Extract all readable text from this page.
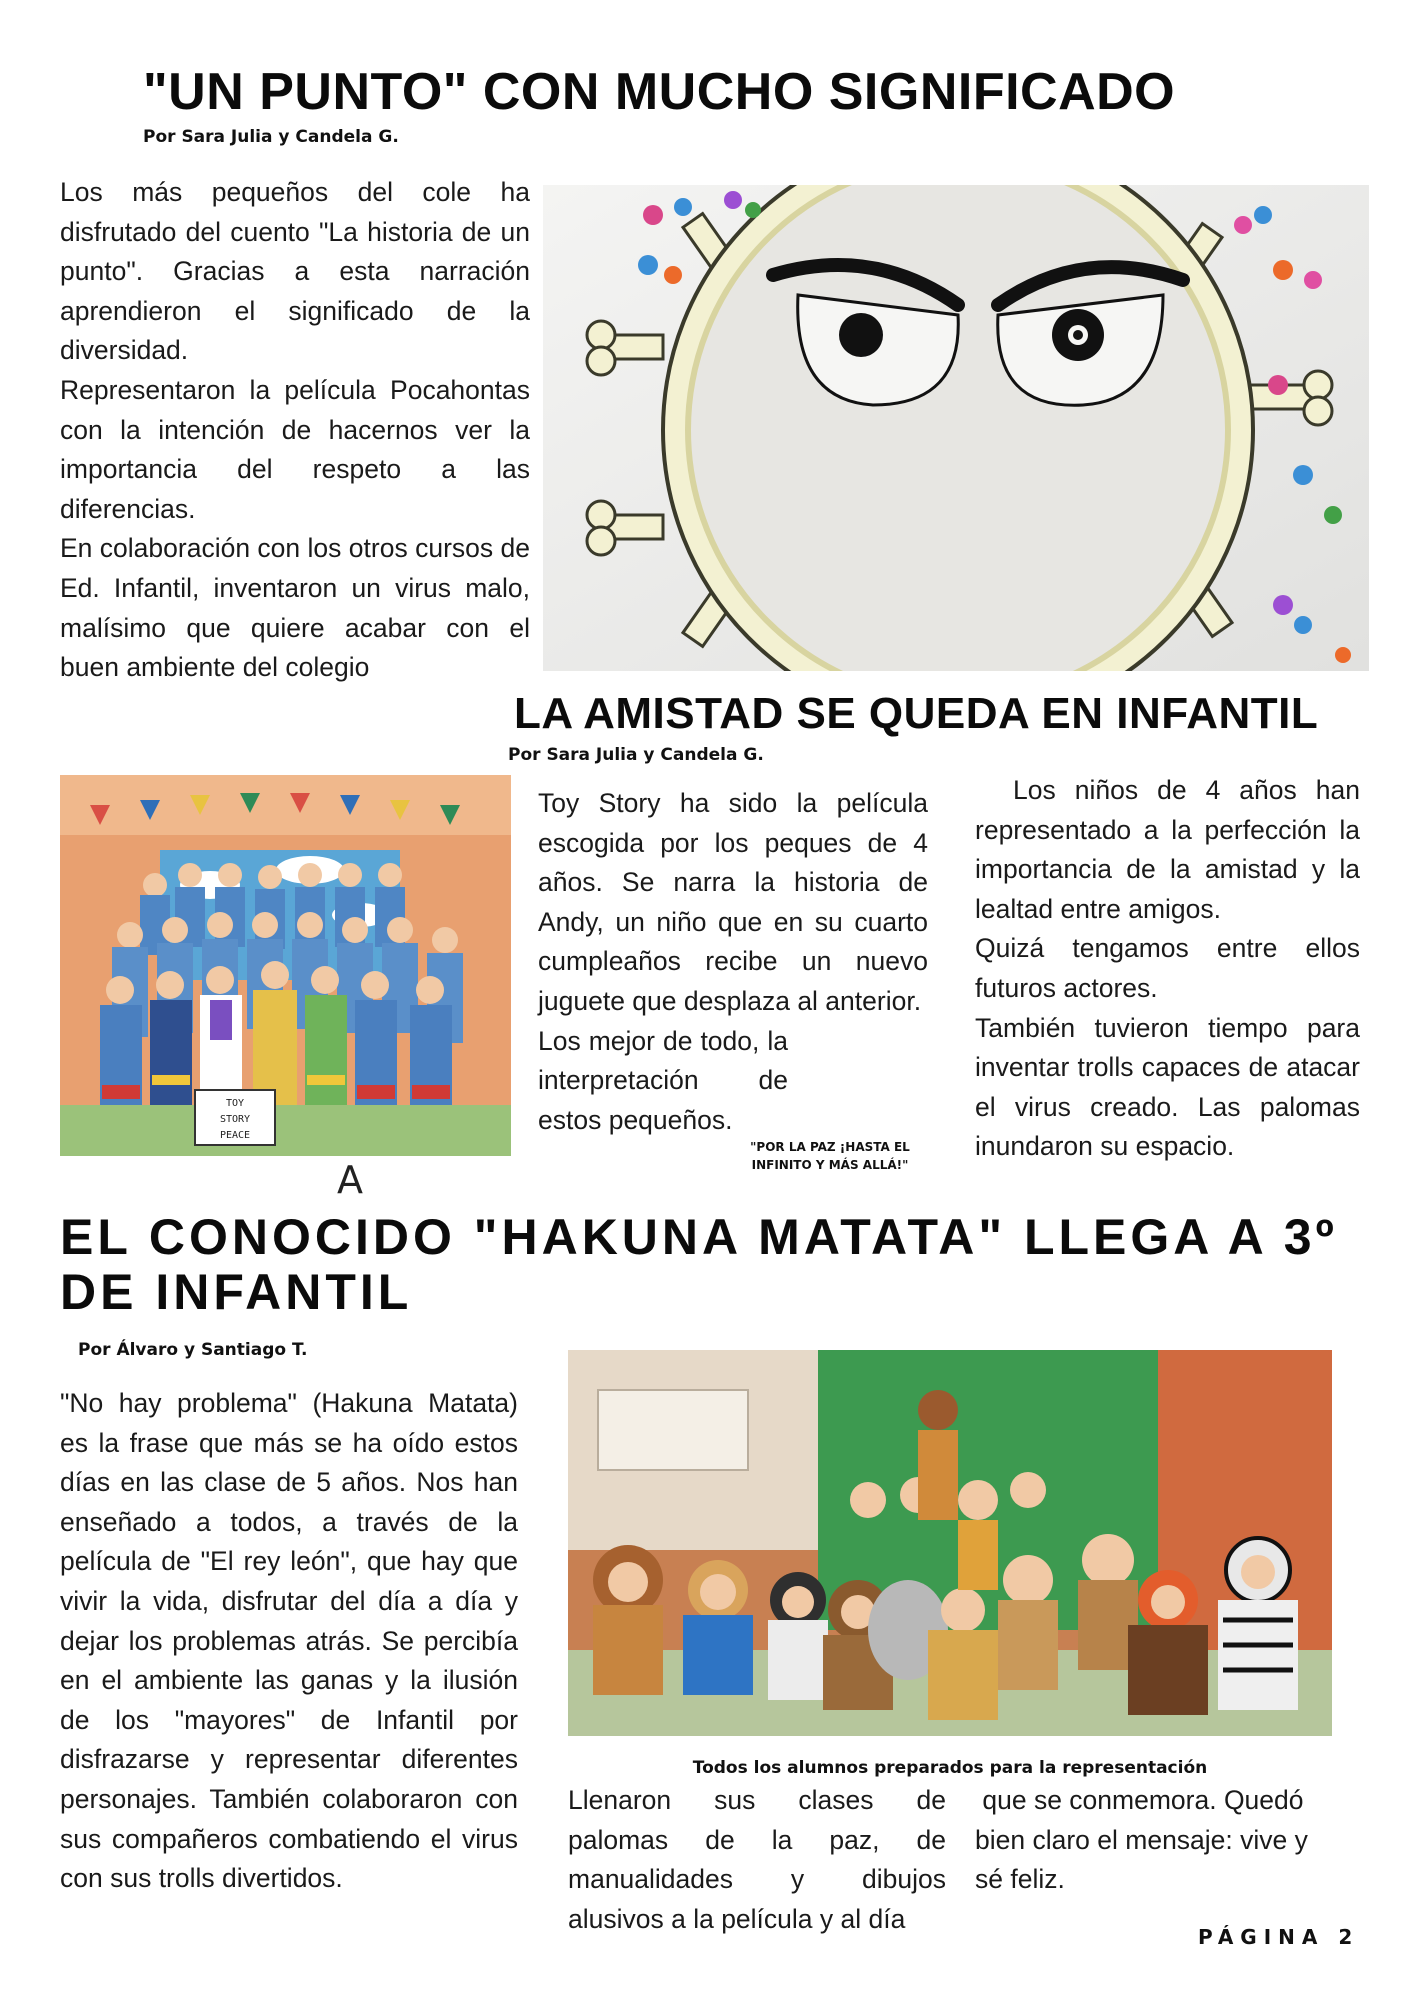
"UN PUNTO" CON MUCHO SIGNIFICADO
Por Sara Julia y Candela G.

Los más pequeños del cole ha disfrutado del cuento "La historia de un punto". Gracias a esta narración aprendieron el significado de la diversidad.

Representaron la película Pocahontas con la intención de hacernos ver la importancia del respeto a las diferencias.

En colaboración con los otros cursos de Ed. Infantil, inventaron un virus malo, malísimo que quiere acabar con el buen ambiente del colegio

LA AMISTAD SE QUEDA EN INFANTIL
Por Sara Julia y Candela G.
TOY
STORY
PEACE
A

Toy Story ha sido la película escogida por los peques de 4 años. Se narra la historia de Andy, un niño que en su cuarto cumpleaños recibe un nuevo juguete que desplaza al anterior.

Los mejor de todo, la interpretación de estos pequeños.

"POR LA PAZ ¡HASTA EL INFINITO Y MÁS ALLÁ!"

Los niños de 4 años han representado a la perfección la importancia de la amistad y la lealtad entre amigos.

Quizá tengamos entre ellos futuros actores.

También tuvieron tiempo para inventar trolls capaces de atacar el virus creado. Las palomas inundaron su espacio.

EL CONOCIDO "HAKUNA MATATA" LLEGA A 3º DE INFANTIL
Por Álvaro y Santiago T.

"No hay problema" (Hakuna Matata) es la frase que más se ha oído estos días en las clase de 5 años. Nos han enseñado a todos, a través de la película de "El rey león", que hay que vivir la vida, disfrutar del día a día y dejar los problemas atrás. Se percibía en el ambiente las ganas y la ilusión de los "mayores" de Infantil por disfrazarse y representar diferentes personajes. También colaboraron con sus compañeros combatiendo el virus con sus trolls divertidos.

Todos los alumnos preparados para la representación
Llenaron sus clases de palomas de la paz, de manualidades y dibujos alusivos a la película y al día
que se conmemora. Quedó bien claro el mensaje: vive y sé feliz.
PÁGINA 2
